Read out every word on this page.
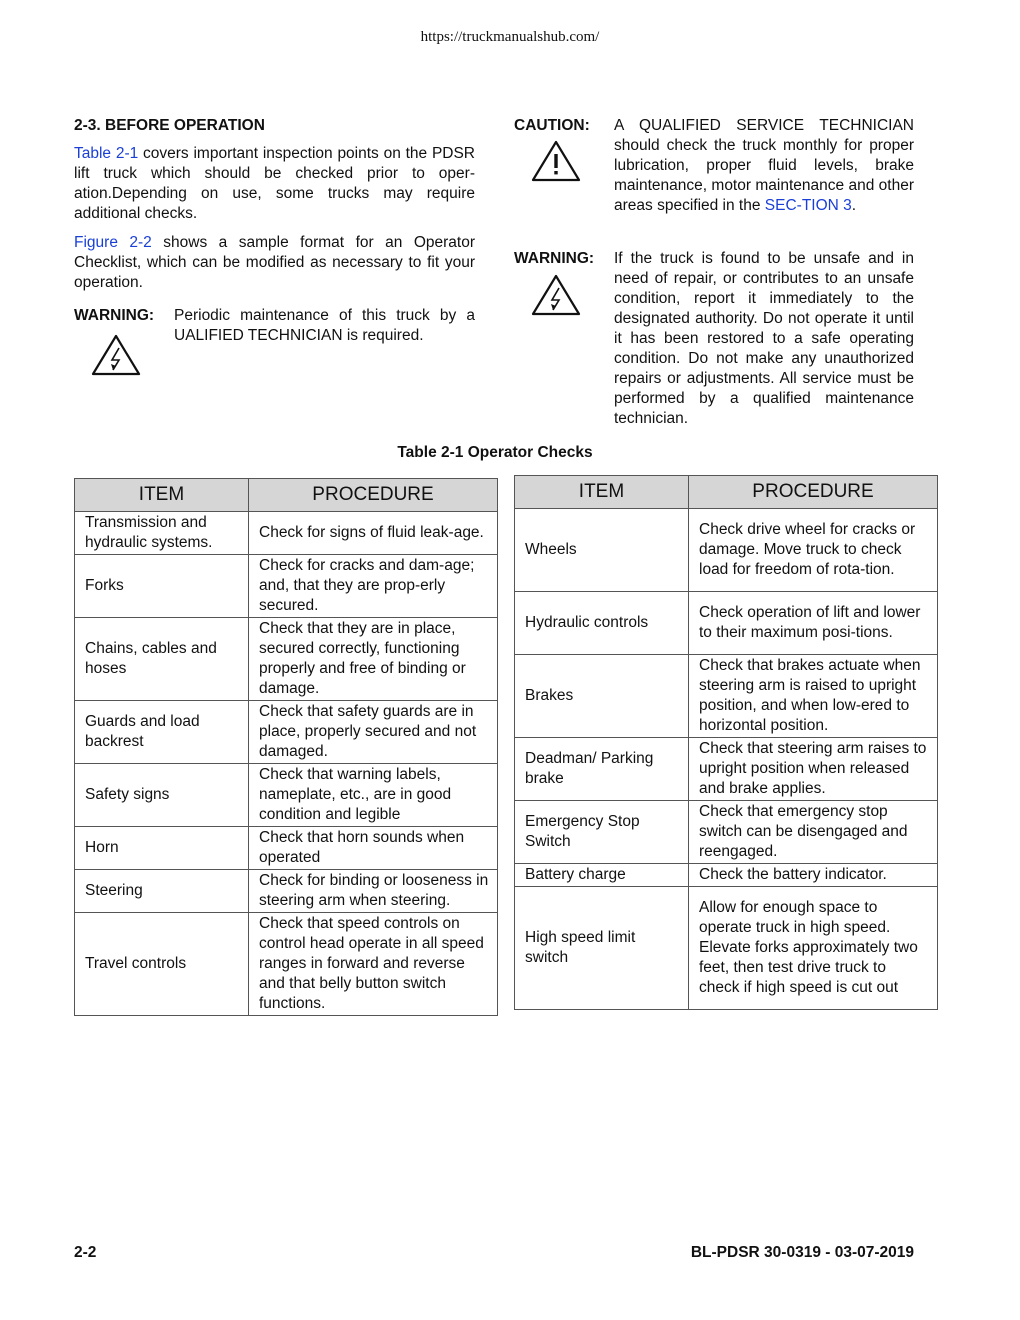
https://truckmanualshub.com/
2-3. BEFORE OPERATION

Table 2-1 covers important inspection points on the PDSR lift truck which should be checked prior to oper-ation.Depending on use, some trucks may require additional checks.

Figure 2-2 shows a sample format for an Operator Checklist, which can be modified as necessary to fit your operation.

WARNING: Periodic maintenance of this truck by a UALIFIED TECHNICIAN is required.

CAUTION: A QUALIFIED SERVICE TECHNICIAN should check the truck monthly for proper lubrication, proper fluid levels, brake maintenance, motor maintenance and other areas specified in the SEC-TION 3.

WARNING: If the truck is found to be unsafe and in need of repair, or contributes to an unsafe condition, report it immediately to the designated authority. Do not operate it until it has been restored to a safe operating condition. Do not make any unauthorized repairs or adjustments. All service must be performed by a qualified maintenance technician.

Table 2-1 Operator Checks
ITEM	PROCEDURE
Transmission and hydraulic systems.	Check for signs of fluid leak-age.
Forks	Check for cracks and dam-age; and, that they are prop-erly secured.
Chains, cables and hoses	Check that they are in place, secured correctly, functioning properly and free of binding or damage.
Guards and load backrest	Check that safety guards are in place, properly secured and not damaged.
Safety signs	Check that warning labels, nameplate, etc., are in good condition and legible
Horn	Check that horn sounds when operated
Steering	Check for binding or looseness in steering arm when steering.
Travel controls	Check that speed controls on control head operate in all speed ranges in forward and reverse and that belly button switch functions.
ITEM	PROCEDURE
Wheels	Check drive wheel for cracks or damage. Move truck to check load for freedom of rota-tion.
Hydraulic controls	Check operation of lift and lower to their maximum posi-tions.
Brakes	Check that brakes actuate when steering arm is raised to upright position, and when low-ered to horizontal position.
Deadman/ Parking brake	Check that steering arm raises to upright position when released and brake applies.
Emergency Stop Switch	Check that emergency stop switch can be disengaged and reengaged.
Battery charge	Check the battery indicator.
High speed limit switch	Allow for enough space to operate truck in high speed. Elevate forks approximately two feet, then test drive truck to check if high speed is cut out
2-2	BL-PDSR 30-0319 - 03-07-2019
